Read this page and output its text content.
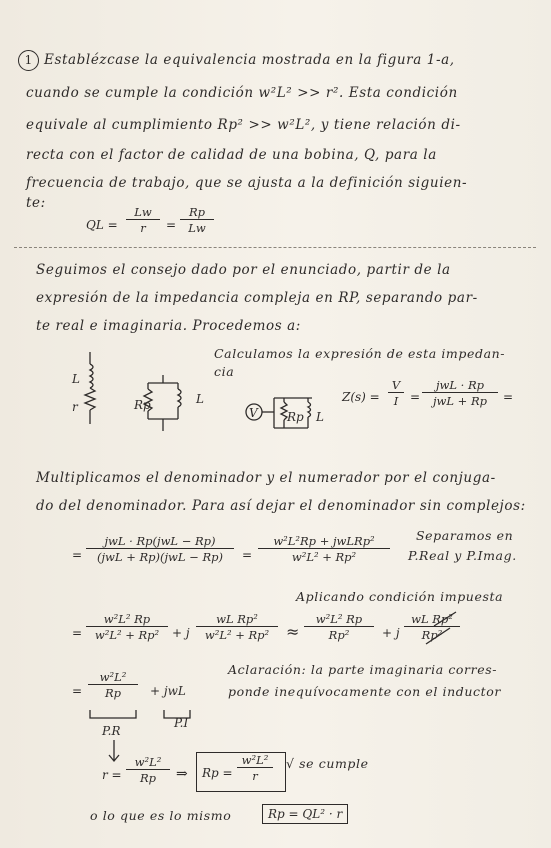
1 Establézcase la equivalencia mostrada en la figura 1-a,
cuando se cumple la condición w²L² >> r². Esta condición
equivale al cumplimiento Rp² >> w²L², y tiene relación di-
recta con el factor de calidad de una bobina, Q, para la
frecuencia de trabajo, que se ajusta a la definición siguien-
te:
QL = $\frac{Lw}{r} = \frac{Rp}{Lw}$
Seguimos el consejo dado por el enunciado, partir de la
expresión de la impedancia compleja en RP, separando par-
te real e imaginaria. Procedemos a:
Calculamos la expresión de esta impedan-
cia
L
r	Rp	L
V Rp L
$Z(s) = \frac{V}{I}$ =
jwL · Rp
jwL + Rp	=
Multiplicamos el denominador y el numerador por el conjuga-
do del denominador. Para así dejar el denominador sin complejos:
=
jwL · Rp(jwL − Rp)
(jwL + Rp)(jwL − Rp)	=
w²L²Rp + jwLRp²
w²L² + Rp²
Separamos en
P.Real y P.Imag.
Aplicando condición impuesta
= $\frac{\text{w²L² Rp}}{\text{w²L² + Rp²}} + j \frac{\text{wL Rp²}}{\text{w²L² + Rp²}} \approx \frac{\text{w²L² Rp}}{\text{Rp²}} + j \frac{\text{wL Rp²}}{\text{Rp²}}$
= $\frac{\text{w²L²}}{Rp}$ + jwL
P.R
P.I
Aclaración: la parte imaginaria corres-
ponde inequívocamente con el inductor
$r = \frac{\text{w²L²}}{Rp}$ ⇒ $Rp = \frac{\text{w²L²}}{r}$ √ se cumple
o lo que es lo mismo	Rp = QL² · r
